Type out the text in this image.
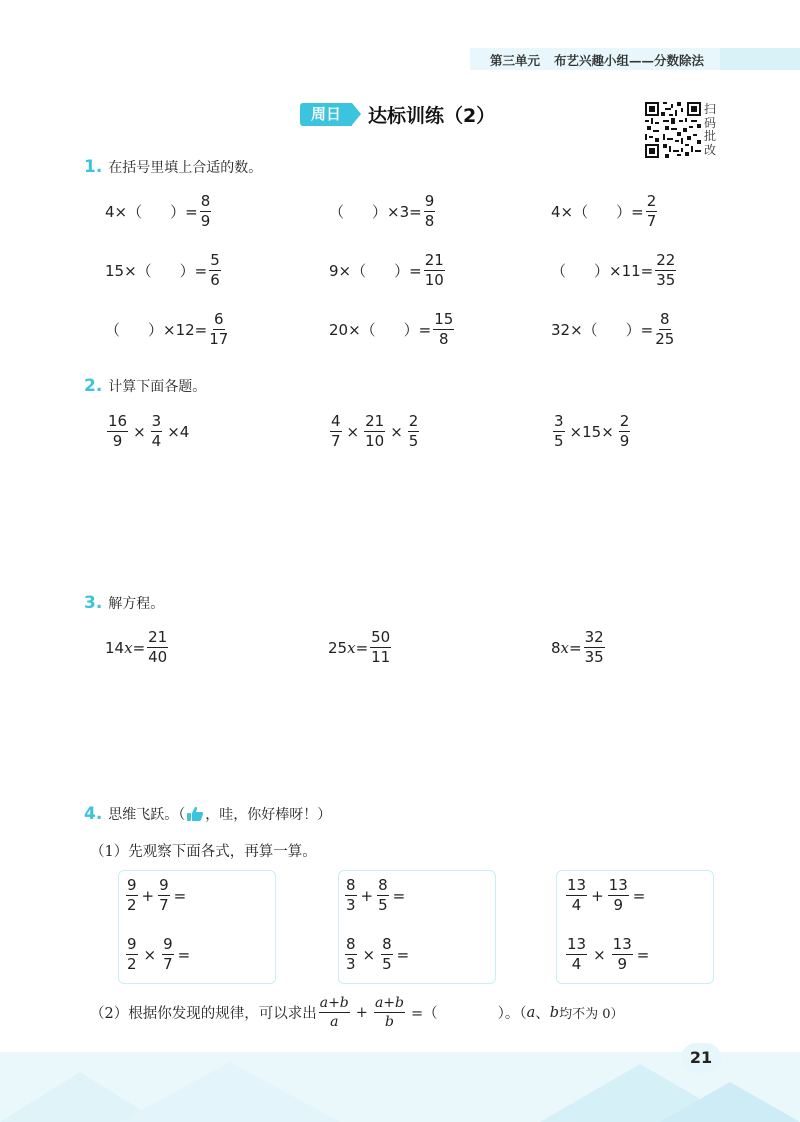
第三单元 布艺兴趣小组——分数除法
周日	达标训练（2）	扫
码
批
改
1. 在括号里填上合适的数。
4×（ ）= $\frac{8}{9}$	（ ）$\times 3= \frac{9}{8}$	4×（ ）= $\frac{2}{7}$
15×（ ）= $\frac{5}{6}$	9×（ ）= $\frac{21}{10}$	（ ）$\times 11= \frac{22}{35}$
（ ）$\times 12= \frac{6}{17}$	20×（ ）= $\frac{15}{8}$	32×（ ）= $\frac{8}{25}$
2. 计算下面各题。
$\frac{16}{9} \times \frac{3}{4} \times 4$	$\frac{4}{7} \times \frac{21}{10} \times \frac{2}{5}$	$\frac{3}{5} \times 15\times \frac{2}{9}$
3. 解方程。
14 $x = \frac{21}{40}$	25 $x = \frac{50}{11}$	8 $x = \frac{32}{35}$
4. 思维飞跃。（ ，哇，你好棒呀！）
（1）先观察下面各式，再算一算。
9
2
+ $\frac{9}{7}$ =
$\frac{9}{2} \times \frac{9}{7}$ =
8
3
+ $\frac{8}{5}$ =
$\frac{8}{3} \times \frac{8}{5}$ =
13
4
+ $\frac{13}{9}$ =
$\frac{13}{4} \times \frac{13}{9}$ =
（2）根据你发现的规律，可以求出
a+b
a
+ $\frac{a+b}{b}$ =（	）。（ a 、 b 均不为 0）
21
